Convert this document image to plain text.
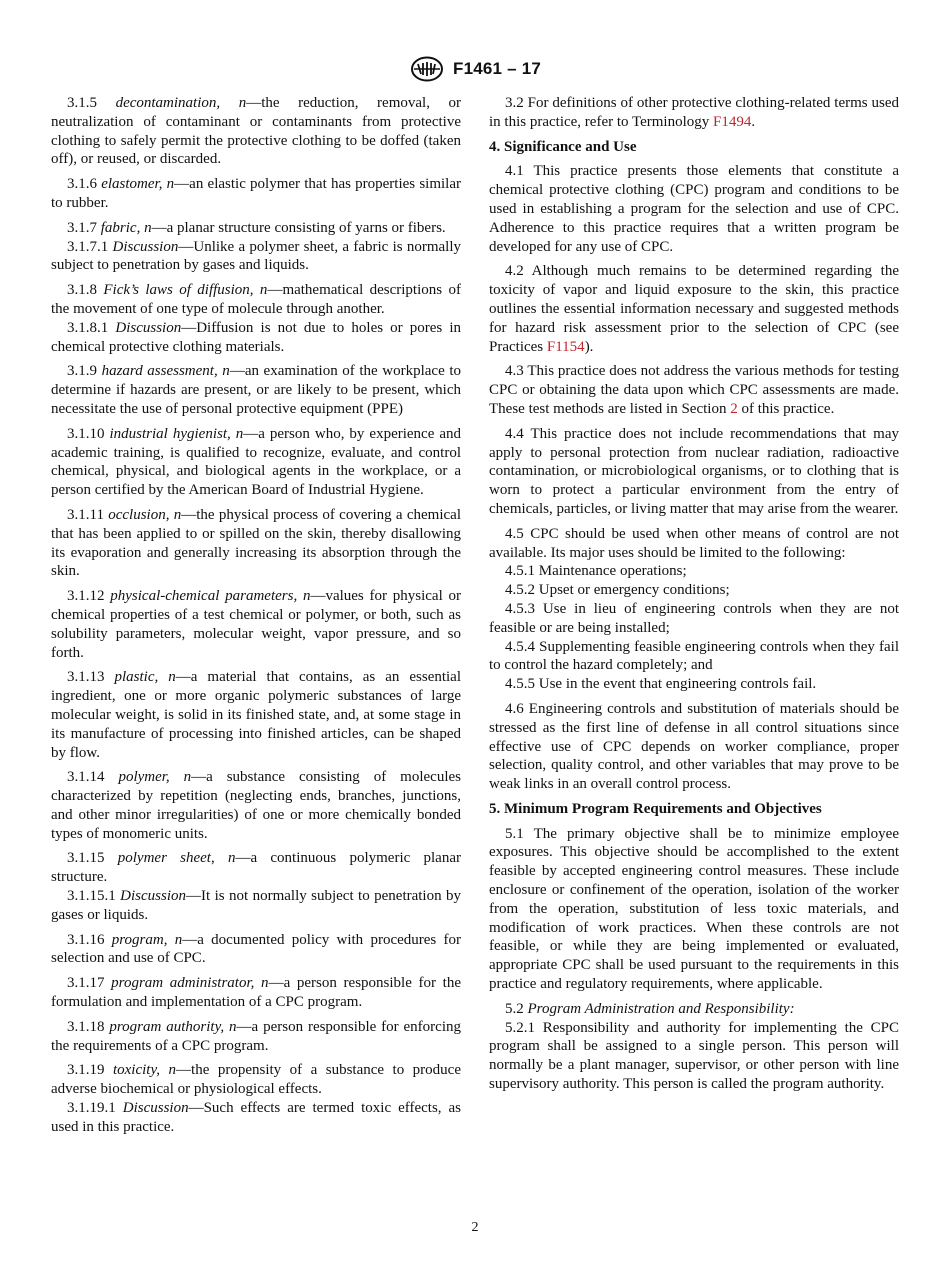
F1461 – 17

3.1.5 decontamination, n—the reduction, removal, or neutralization of contaminant or contaminants from protective clothing to safely permit the protective clothing to be doffed (taken off), or reused, or discarded.

3.1.6 elastomer, n—an elastic polymer that has properties similar to rubber.

3.1.7 fabric, n—a planar structure consisting of yarns or fibers.

3.1.7.1 Discussion—Unlike a polymer sheet, a fabric is normally subject to penetration by gases and liquids.

3.1.8 Fick’s laws of diffusion, n—mathematical descriptions of the movement of one type of molecule through another.

3.1.8.1 Discussion—Diffusion is not due to holes or pores in chemical protective clothing materials.

3.1.9 hazard assessment, n—an examination of the workplace to determine if hazards are present, or are likely to be present, which necessitate the use of personal protective equipment (PPE)

3.1.10 industrial hygienist, n—a person who, by experience and academic training, is qualified to recognize, evaluate, and control chemical, physical, and biological agents in the workplace, or a person certified by the American Board of Industrial Hygiene.

3.1.11 occlusion, n—the physical process of covering a chemical that has been applied to or spilled on the skin, thereby disallowing its evaporation and generally increasing its absorption through the skin.

3.1.12 physical-chemical parameters, n—values for physical or chemical properties of a test chemical or polymer, or both, such as solubility parameters, molecular weight, vapor pressure, and so forth.

3.1.13 plastic, n—a material that contains, as an essential ingredient, one or more organic polymeric substances of large molecular weight, is solid in its finished state, and, at some stage in its manufacture of processing into finished articles, can be shaped by flow.

3.1.14 polymer, n—a substance consisting of molecules characterized by repetition (neglecting ends, branches, junctions, and other minor irregularities) of one or more chemically bonded types of monomeric units.

3.1.15 polymer sheet, n—a continuous polymeric planar structure.

3.1.15.1 Discussion—It is not normally subject to penetration by gases or liquids.

3.1.16 program, n—a documented policy with procedures for selection and use of CPC.

3.1.17 program administrator, n—a person responsible for the formulation and implementation of a CPC program.

3.1.18 program authority, n—a person responsible for enforcing the requirements of a CPC program.

3.1.19 toxicity, n—the propensity of a substance to produce adverse biochemical or physiological effects.

3.1.19.1 Discussion—Such effects are termed toxic effects, as used in this practice.

3.2 For definitions of other protective clothing-related terms used in this practice, refer to Terminology F1494.

4. Significance and Use

4.1 This practice presents those elements that constitute a chemical protective clothing (CPC) program and conditions to be used in establishing a program for the selection and use of CPC. Adherence to this practice requires that a written program be developed for any use of CPC.

4.2 Although much remains to be determined regarding the toxicity of vapor and liquid exposure to the skin, this practice outlines the essential information necessary and suggested methods for hazard risk assessment prior to the selection of CPC (see Practices F1154).

4.3 This practice does not address the various methods for testing CPC or obtaining the data upon which CPC assessments are made. These test methods are listed in Section 2 of this practice.

4.4 This practice does not include recommendations that may apply to personal protection from nuclear radiation, radioactive contamination, or microbiological organisms, or to clothing that is worn to protect a particular environment from the entry of chemicals, particles, or living matter that may arise from the wearer.

4.5 CPC should be used when other means of control are not available. Its major uses should be limited to the following:

4.5.1 Maintenance operations;

4.5.2 Upset or emergency conditions;

4.5.3 Use in lieu of engineering controls when they are not feasible or are being installed;

4.5.4 Supplementing feasible engineering controls when they fail to control the hazard completely; and

4.5.5 Use in the event that engineering controls fail.

4.6 Engineering controls and substitution of materials should be stressed as the first line of defense in all control situations since effective use of CPC depends on worker compliance, proper selection, quality control, and other variables that may prove to be weak links in an overall control process.

5. Minimum Program Requirements and Objectives

5.1 The primary objective shall be to minimize employee exposures. This objective should be accomplished to the extent feasible by accepted engineering control measures. These include enclosure or confinement of the operation, isolation of the worker from the operation, substitution of less toxic materials, and modification of work practices. When these controls are not feasible, or while they are being implemented or evaluated, appropriate CPC shall be used pursuant to the requirements in this practice and regulatory requirements, where applicable.

5.2 Program Administration and Responsibility:

5.2.1 Responsibility and authority for implementing the CPC program shall be assigned to a single person. This person will normally be a plant manager, supervisor, or other person with line supervisory authority. This person is called the program authority.

2
